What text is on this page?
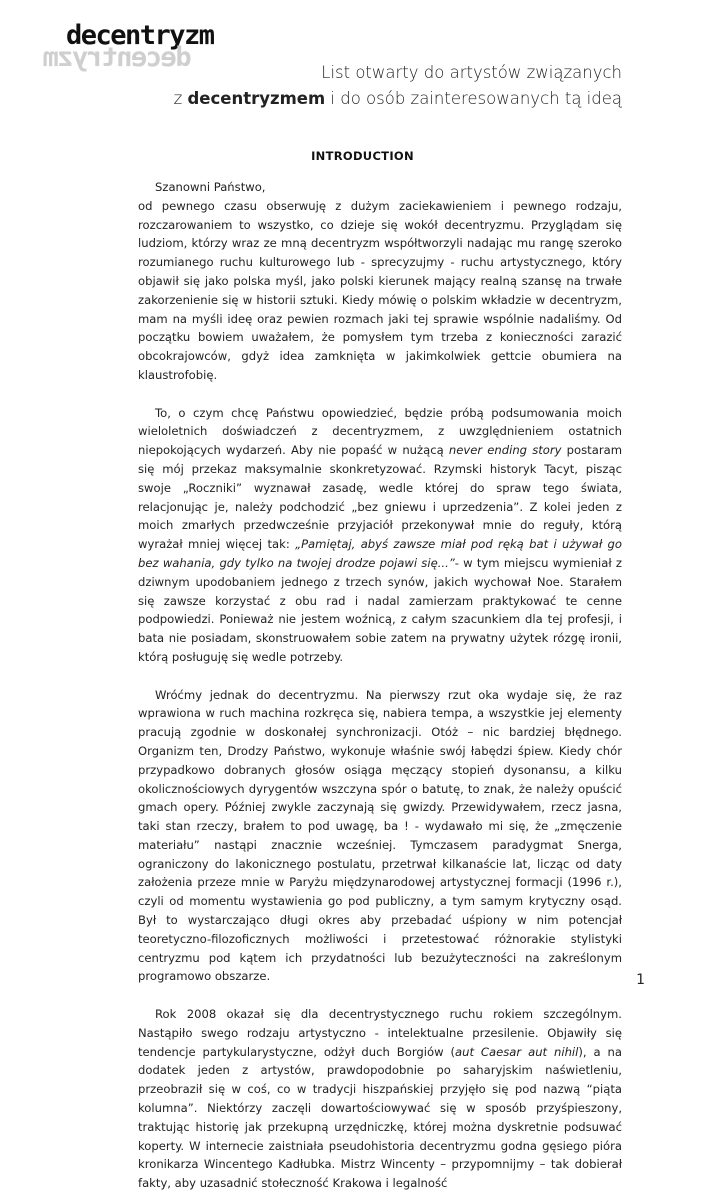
decentryzm
decentryzm	List otwarty do artystów związanych
z decentryzmem i do osób zainteresowanych tą ideą
INTRODUCTION

Szanowni Państwo,

od pewnego czasu obserwuję z dużym zaciekawieniem i pewnego rodzaju, rozczarowaniem to wszystko, co dzieje się wokół decentryzmu. Przyglądam się ludziom, którzy wraz ze mną decentryzm współtworzyli nadając mu rangę szeroko rozumianego ruchu kulturowego lub - sprecyzujmy - ruchu artystycznego, który objawił się jako polska myśl, jako polski kierunek mający realną szansę na trwałe zakorzenienie się w historii sztuki. Kiedy mówię o polskim wkładzie w decentryzm, mam na myśli ideę oraz pewien rozmach jaki tej sprawie wspólnie nadaliśmy. Od początku bowiem uważałem, że pomysłem tym trzeba z konieczności zarazić obcokrajowców, gdyż idea zamknięta w jakimkolwiek gettcie obumiera na klaustrofobię.

To, o czym chcę Państwu opowiedzieć, będzie próbą podsumowania moich wieloletnich doświadczeń z decentryzmem, z uwzględnieniem ostatnich niepokojących wydarzeń. Aby nie popaść w nużącą never ending story postaram się mój przekaz maksymalnie skonkretyzować. Rzymski historyk Tacyt, pisząc swoje „Roczniki” wyznawał zasadę, wedle której do spraw tego świata, relacjonując je, należy podchodzić „bez gniewu i uprzedzenia”. Z kolei jeden z moich zmarłych przedwcześnie przyjaciół przekonywał mnie do reguły, którą wyrażał mniej więcej tak: „Pamiętaj, abyś zawsze miał pod ręką bat i używał go bez wahania, gdy tylko na twojej drodze pojawi się...”- w tym miejscu wymieniał z dziwnym upodobaniem jednego z trzech synów, jakich wychował Noe. Starałem się zawsze korzystać z obu rad i nadal zamierzam praktykować te cenne podpowiedzi. Ponieważ nie jestem woźnicą, z całym szacunkiem dla tej profesji, i bata nie posiadam, skonstruowałem sobie zatem na prywatny użytek rózgę ironii, którą posługuję się wedle potrzeby.

Wróćmy jednak do decentryzmu. Na pierwszy rzut oka wydaje się, że raz wprawiona w ruch machina rozkręca się, nabiera tempa, a wszystkie jej elementy pracują zgodnie w doskonałej synchronizacji. Otóż – nic bardziej błędnego. Organizm ten, Drodzy Państwo, wykonuje właśnie swój łabędzi śpiew. Kiedy chór przypadkowo dobranych głosów osiąga męczący stopień dysonansu, a kilku okolicznościowych dyrygentów wszczyna spór o batutę, to znak, że należy opuścić gmach opery. Później zwykle zaczynają się gwizdy. Przewidywałem, rzecz jasna, taki stan rzeczy, brałem to pod uwagę, ba ! - wydawało mi się, że „zmęczenie materiału” nastąpi znacznie wcześniej. Tymczasem paradygmat Snerga, ograniczony do lakonicznego postulatu, przetrwał kilkanaście lat, licząc od daty założenia przeze mnie w Paryżu międzynarodowej artystycznej formacji (1996 r.), czyli od momentu wystawienia go pod publiczny, a tym samym krytyczny osąd. Był to wystarczająco długi okres aby przebadać uśpiony w nim potencjał teoretyczno-filozoficznych możliwości i przetestować różnorakie stylistyki centryzmu pod kątem ich przydatności lub bezużyteczności na zakreślonym programowo obszarze.

Rok 2008 okazał się dla decentrystycznego ruchu rokiem szczególnym. Nastąpiło swego rodzaju artystyczno - intelektualne przesilenie. Objawiły się tendencje partykularystyczne, odżył duch Borgiów (aut Caesar aut nihil), a na dodatek jeden z artystów, prawdopodobnie po saharyjskim naświetleniu, przeobraził się w coś, co w tradycji hiszpańskiej przyjęło się pod nazwą “piąta kolumna”. Niektórzy zaczęli dowartościowywać się w sposób przyśpieszony, traktując historię jak przekupną urzędniczkę, której można dyskretnie podsuwać koperty. W internecie zaistniała pseudohistoria decentryzmu godna gęsiego pióra kronikarza Wincentego Kadłubka. Mistrz Wincenty – przypomnijmy – tak dobierał fakty, aby uzasadnić stołeczność Krakowa i legalność

1
